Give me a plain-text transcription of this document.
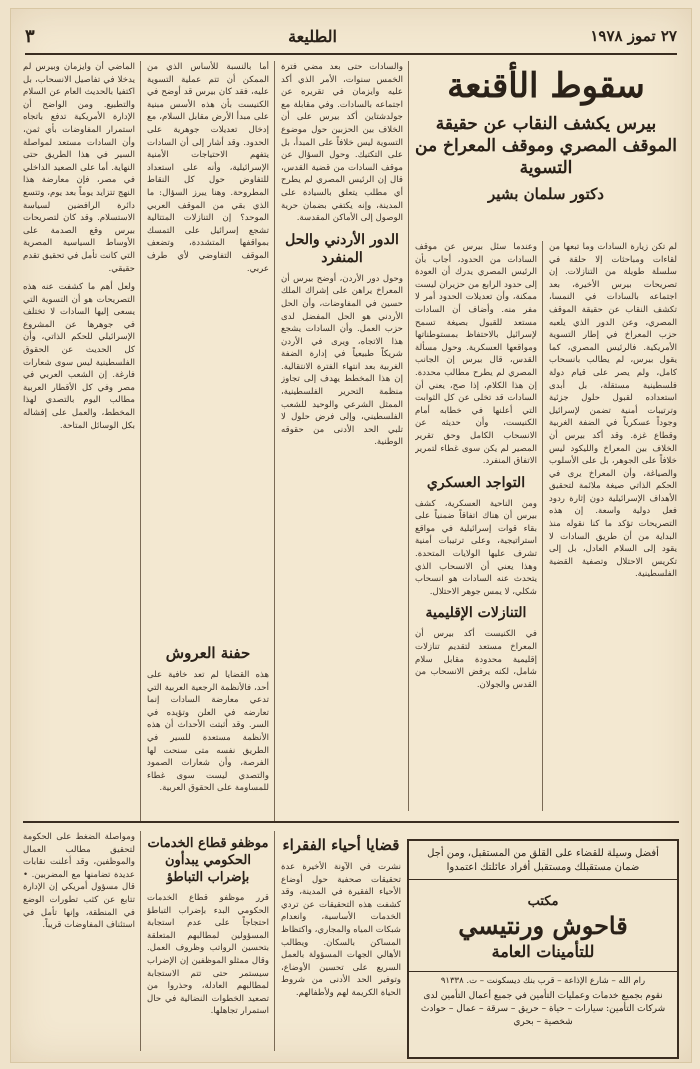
٣	الطليعة	٢٧ تموز ١٩٧٨
سقوط الأقنعة
بيرس يكشف النقاب عن حقيقة الموقف المصري وموقف المعراخ من التسوية
دكتور سلمان بشير

لم تكن زيارة السادات وما تبعها من لقاءات ومباحثات إلا حلقة في سلسلة طويلة من التنازلات. إن تصريحات بيرس الأخيرة، بعد اجتماعه بالسادات في النمسا، تكشف النقاب عن حقيقة الموقف المصري، وعن الدور الذي يلعبه حزب المعراخ في إطار التسوية الأمريكية. فالرئيس المصري، كما يقول بيرس، لم يطالب بانسحاب كامل، ولم يصر على قيام دولة فلسطينية مستقلة، بل أبدى استعداده لقبول حلول جزئية وترتيبات أمنية تضمن لإسرائيل وجوداً عسكرياً في الضفة الغربية وقطاع غزة. وقد أكد بيرس أن الخلاف بين المعراخ والليكود ليس خلافاً على الجوهر، بل على الأسلوب والصياغة، وأن المعراخ يرى في الحكم الذاتي صيغة ملائمة لتحقيق الأهداف الإسرائيلية دون إثارة ردود فعل دولية واسعة. إن هذه التصريحات تؤكد ما كنا نقوله منذ البداية من أن طريق السادات لا يقود إلى السلام العادل، بل إلى تكريس الاحتلال وتصفية القضية الفلسطينية.

وعندما سئل بيرس عن موقف السادات من الحدود، أجاب بأن الرئيس المصري يدرك أن العودة إلى حدود الرابع من حزيران ليست ممكنة، وأن تعديلات الحدود أمر لا مفر منه. وأضاف أن السادات مستعد للقبول بصيغة تسمح لإسرائيل بالاحتفاظ بمستوطناتها ومواقعها العسكرية. وحول مسألة القدس، قال بيرس إن الجانب المصري لم يطرح مطالب محددة. إن هذا الكلام، إذا صح، يعني أن السادات قد تخلى عن كل الثوابت التي أعلنها في خطابه أمام الكنيست، وأن حديثه عن الانسحاب الكامل وحق تقرير المصير لم يكن سوى غطاء لتمرير الاتفاق المنفرد.

التواجد العسكري

ومن الناحية العسكرية، كشف بيرس أن هناك اتفاقاً ضمنياً على بقاء قوات إسرائيلية في مواقع استراتيجية، وعلى ترتيبات أمنية تشرف عليها الولايات المتحدة. وهذا يعني أن الانسحاب الذي يتحدث عنه السادات هو انسحاب شكلي، لا يمس جوهر الاحتلال.

التنازلات الإقليمية

في الكنيست أكد بيرس أن المعراخ مستعد لتقديم تنازلات إقليمية محدودة مقابل سلام شامل، لكنه يرفض الانسحاب من القدس والجولان.

والسادات حتى بعد مضي فترة الخمس سنوات، الأمر الذي أكد عليه وايزمان في تقريره عن اجتماعه بالسادات. وفي مقابلة مع جولدشتاين أكد بيرس على أن الخلاف بين الحزبين حول موضوع التسوية ليس خلافاً على المبدأ، بل على التكتيك. وحول السؤال عن موقف السادات من قضية القدس، قال إن الرئيس المصري لم يطرح أي مطلب يتعلق بالسيادة على المدينة، وإنه يكتفي بضمان حرية الوصول إلى الأماكن المقدسة.

الدور الأردني والحل المنفرد

وحول دور الأردن، أوضح بيرس أن المعراخ يراهن على إشراك الملك حسين في المفاوضات، وأن الحل الأردني هو الحل المفضل لدى حزب العمل. وأن السادات يشجع هذا الاتجاه، ويرى في الأردن شريكاً طبيعياً في إدارة الضفة الغربية بعد انتهاء الفترة الانتقالية. إن هذا المخطط يهدف إلى تجاوز منظمة التحرير الفلسطينية، الممثل الشرعي والوحيد للشعب الفلسطيني، وإلى فرض حلول لا تلبي الحد الأدنى من حقوقه الوطنية.

أما بالنسبة للأساس الذي من الممكن أن تتم عملية التسوية عليه، فقد كان بيرس قد أوضح في الكنيست بأن هذه الأسس مبنية على مبدأ الأرض مقابل السلام، مع إدخال تعديلات جوهرية على الحدود. وقد أشار إلى أن السادات يتفهم الاحتياجات الأمنية الإسرائيلية، وأنه على استعداد للتفاوض حول كل النقاط المطروحة. وهنا يبرز السؤال: ما الذي بقي من الموقف العربي الموحد؟ إن التنازلات المتتالية تشجع إسرائيل على التمسك بمواقفها المتشددة، وتضعف الموقف التفاوضي لأي طرف عربي.

حفنة العروش

هذه القضايا لم تعد خافية على أحد، فالأنظمة الرجعية العربية التي تدعي معارضة السادات إنما تعارضه في العلن وتؤيده في السر. وقد أثبتت الأحداث أن هذه الأنظمة مستعدة للسير في الطريق نفسه متى سنحت لها الفرصة، وأن شعارات الصمود والتصدي ليست سوى غطاء للمساومة على الحقوق العربية.

الماضي أن وايزمان وبيرس لم يدخلا في تفاصيل الانسحاب، بل اكتفيا بالحديث العام عن السلام والتطبيع. ومن الواضح أن الإدارة الأمريكية تدفع باتجاه استمرار المفاوضات بأي ثمن، وأن السادات مستعد لمواصلة السير في هذا الطريق حتى النهاية. أما على الصعيد الداخلي في مصر، فإن معارضة هذا النهج تتزايد يوماً بعد يوم، وتتسع دائرة الرافضين لسياسة الاستسلام. وقد كان لتصريحات بيرس وقع الصدمة على الأوساط السياسية المصرية التي كانت تأمل في تحقيق تقدم حقيقي.

ولعل أهم ما كشفت عنه هذه التصريحات هو أن التسوية التي يسعى إليها السادات لا تختلف في جوهرها عن المشروع الإسرائيلي للحكم الذاتي، وأن كل الحديث عن الحقوق الفلسطينية ليس سوى شعارات فارغة. إن الشعب العربي في مصر وفي كل الأقطار العربية مطالب اليوم بالتصدي لهذا المخطط، والعمل على إفشاله بكل الوسائل المتاحة.

أفضل وسيلة للقضاء على القلق من المستقبل، ومن أجل ضمان مستقبلك ومستقبل أفراد عائلتك اعتمدوا
مكتب
قاحوش ورنتيسي
للتأمينات العامة
رام الله – شارع الإذاعة – قرب بنك ديسكونت – ت. ٩١٣٣٨
نقوم بجميع خدمات وعمليات التأمين في جميع أعمال التأمين لدى شركات التأمين: سيارات – حياة – حريق – سرقة – عمال – حوادث شخصية – بحري
قضايا أحياء الفقراء

نشرت في الآونة الأخيرة عدة تحقيقات صحفية حول أوضاع الأحياء الفقيرة في المدينة، وقد كشفت هذه التحقيقات عن تردي الخدمات الأساسية، وانعدام شبكات المياه والمجاري، واكتظاظ المساكن بالسكان. ويطالب الأهالي الجهات المسؤولة بالعمل السريع على تحسين الأوضاع، وتوفير الحد الأدنى من شروط الحياة الكريمة لهم ولأطفالهم.

موظفو قطاع الخدمات الحكومي يبدأون بإضراب التباطؤ

قرر موظفو قطاع الخدمات الحكومي البدء بإضراب التباطؤ احتجاجاً على عدم استجابة المسؤولين لمطالبهم المتعلقة بتحسين الرواتب وظروف العمل. وقال ممثلو الموظفين إن الإضراب سيستمر حتى تتم الاستجابة لمطالبهم العادلة، وحذروا من تصعيد الخطوات النضالية في حال استمرار تجاهلها.

ومواصلة الضغط على الحكومة لتحقيق مطالب العمال والموظفين، وقد أعلنت نقابات عديدة تضامنها مع المضربين. • قال مسؤول أمريكي إن الإدارة تتابع عن كثب تطورات الوضع في المنطقة، وإنها تأمل في استئناف المفاوضات قريباً.
